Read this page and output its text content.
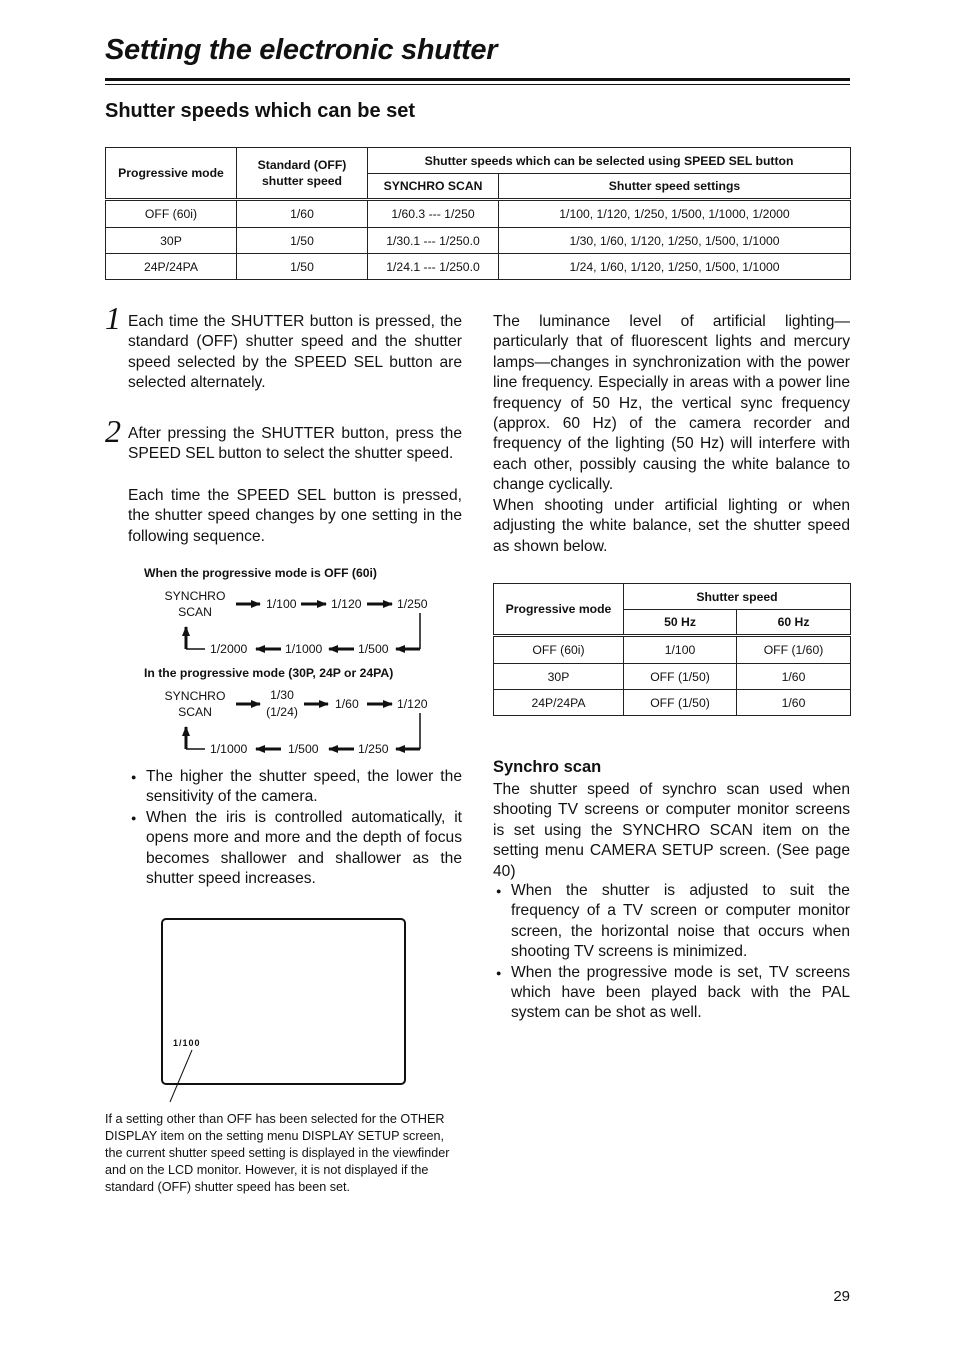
Setting the electronic shutter
Shutter speeds which can be set
Progressive mode	Standard (OFF) shutter speed	Shutter speeds which can be selected using SPEED SEL button	
		SYNCHRO SCAN	Shutter speed settings
OFF (60i)	1/60	1/60.3 --- 1/250	1/100, 1/120, 1/250, 1/500, 1/1000, 1/2000
30P	1/50	1/30.1 --- 1/250.0	1/30, 1/60, 1/120, 1/250, 1/500, 1/1000
24P/24PA	1/50	1/24.1 --- 1/250.0	1/24, 1/60, 1/120, 1/250, 1/500, 1/1000
1 Each time the SHUTTER button is pressed, the standard (OFF) shutter speed and the shutter speed selected by the SPEED SEL button are selected alternately.
2 After pressing the SHUTTER button, press the SPEED SEL button to select the shutter speed.
Each time the SPEED SEL button is pressed, the shutter speed changes by one setting in the following sequence.
When the progressive mode is OFF (60i)
SYNCHRO
SCAN
1/100	1/120	1/250
1/2000	1/1000	1/500
In the progressive mode (30P, 24P or 24PA)
SYNCHRO
SCAN
1/30
(1/24)
1/60	1/120
1/1000	1/500	1/250
● The higher the shutter speed, the lower the sensitivity of the camera.
● When the iris is controlled automatically, it opens more and more and the depth of focus becomes shallower and shallower as the shutter speed increases.
1/100
If a setting other than OFF has been selected for the OTHER DISPLAY item on the setting menu DISPLAY SETUP screen, the current shutter speed setting is displayed in the viewfinder and on the LCD monitor. However, it is not displayed if the standard (OFF) shutter speed has been set.
The luminance level of artificial lighting—particularly that of fluorescent lights and mercury lamps—changes in synchronization with the power line frequency. Especially in areas with a power line frequency of 50 Hz, the vertical sync frequency (approx. 60 Hz) of the camera recorder and frequency of the lighting (50 Hz) will interfere with each other, possibly causing the white balance to change cyclically.
When shooting under artificial lighting or when adjusting the white balance, set the shutter speed as shown below.
Progressive mode	Shutter speed	
	50 Hz	60 Hz
OFF (60i)	1/100	OFF (1/60)
30P	OFF (1/50)	1/60
24P/24PA	OFF (1/50)	1/60
Synchro scan
The shutter speed of synchro scan used when shooting TV screens or computer monitor screens is set using the SYNCHRO SCAN item on the setting menu CAMERA SETUP screen. (See page 40)
● When the shutter is adjusted to suit the frequency of a TV screen or computer monitor screen, the horizontal noise that occurs when shooting TV screens is minimized.
● When the progressive mode is set, TV screens which have been played back with the PAL system can be shot as well.
29
